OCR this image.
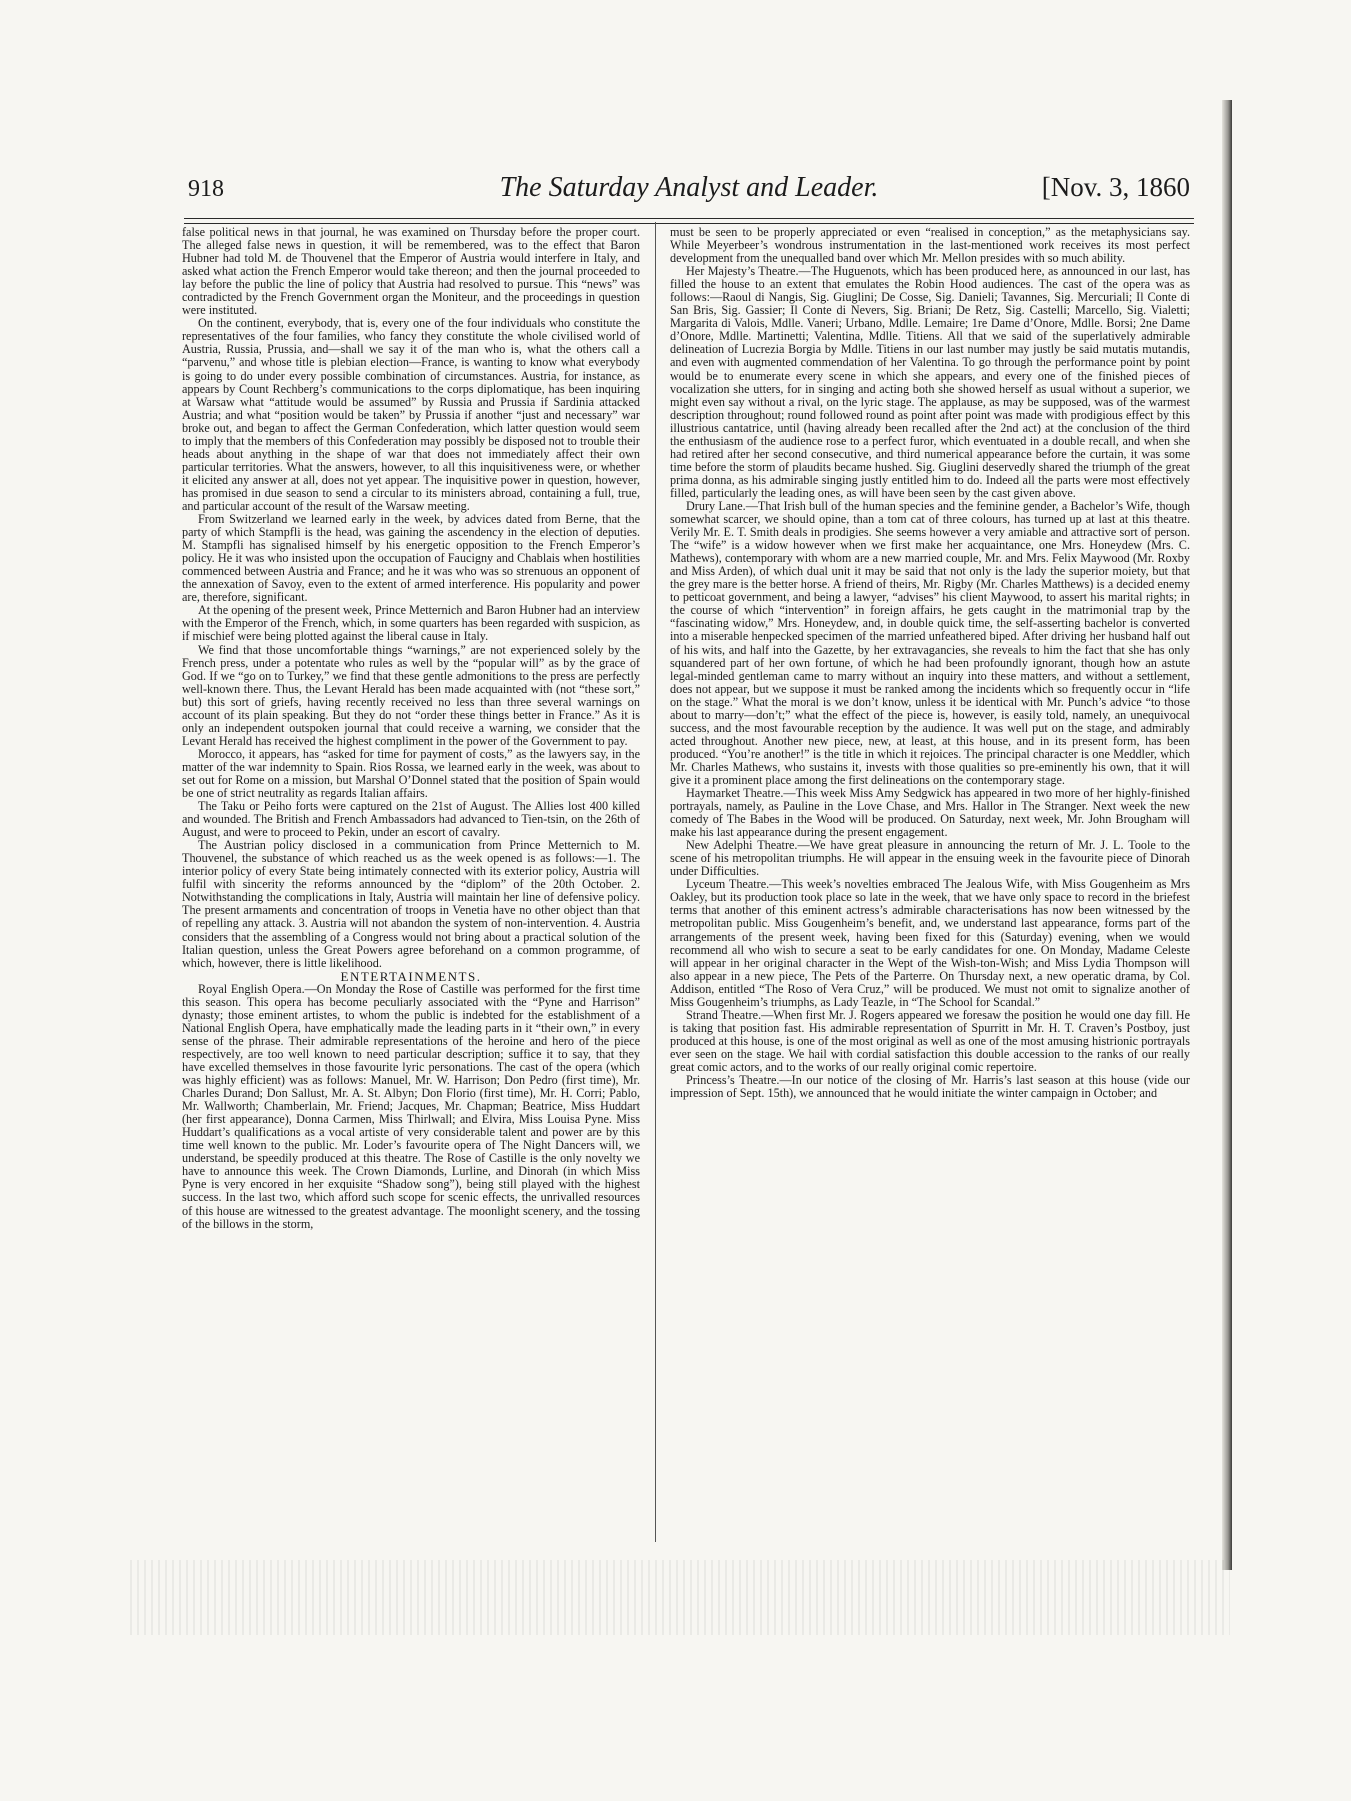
918	The Saturday Analyst and Leader.	[Nov. 3, 1860

false political news in that journal, he was examined on Thursday before the proper court. The alleged false news in question, it will be remembered, was to the effect that Baron Hubner had told M. de Thouvenel that the Emperor of Austria would interfere in Italy, and asked what action the French Emperor would take thereon; and then the journal proceeded to lay before the public the line of policy that Austria had resolved to pursue. This “news” was contradicted by the French Government organ the Moniteur, and the proceedings in question were instituted.

On the continent, everybody, that is, every one of the four individuals who constitute the representatives of the four families, who fancy they constitute the whole civilised world of Austria, Russia, Prussia, and—shall we say it of the man who is, what the others call a “parvenu,” and whose title is plebian election—France, is wanting to know what everybody is going to do under every possible combination of circumstances. Austria, for instance, as appears by Count Rechberg’s communications to the corps diplomatique, has been inquiring at Warsaw what “attitude would be assumed” by Russia and Prussia if Sardinia attacked Austria; and what “position would be taken” by Prussia if another “just and necessary” war broke out, and began to affect the German Confederation, which latter question would seem to imply that the members of this Confederation may possibly be disposed not to trouble their heads about anything in the shape of war that does not immediately affect their own particular territories. What the answers, however, to all this inquisitiveness were, or whether it elicited any answer at all, does not yet appear. The inquisitive power in question, however, has promised in due season to send a circular to its ministers abroad, containing a full, true, and particular account of the result of the Warsaw meeting.

From Switzerland we learned early in the week, by advices dated from Berne, that the party of which Stampfli is the head, was gaining the ascendency in the election of deputies. M. Stampfli has signalised himself by his energetic opposition to the French Emperor’s policy. He it was who insisted upon the occupation of Faucigny and Chablais when hostilities commenced between Austria and France; and he it was who was so strenuous an opponent of the annexation of Savoy, even to the extent of armed interference. His popularity and power are, therefore, significant.

At the opening of the present week, Prince Metternich and Baron Hubner had an interview with the Emperor of the French, which, in some quarters has been regarded with suspicion, as if mischief were being plotted against the liberal cause in Italy.

We find that those uncomfortable things “warnings,” are not experienced solely by the French press, under a potentate who rules as well by the “popular will” as by the grace of God. If we “go on to Turkey,” we find that these gentle admonitions to the press are perfectly well-known there. Thus, the Levant Herald has been made acquainted with (not “these sort,” but) this sort of griefs, having recently received no less than three several warnings on account of its plain speaking. But they do not “order these things better in France.” As it is only an independent outspoken journal that could receive a warning, we consider that the Levant Herald has received the highest compliment in the power of the Government to pay.

Morocco, it appears, has “asked for time for payment of costs,” as the lawyers say, in the matter of the war indemnity to Spain. Rios Rossa, we learned early in the week, was about to set out for Rome on a mission, but Marshal O’Donnel stated that the position of Spain would be one of strict neutrality as regards Italian affairs.

The Taku or Peiho forts were captured on the 21st of August. The Allies lost 400 killed and wounded. The British and French Ambassadors had advanced to Tien-tsin, on the 26th of August, and were to proceed to Pekin, under an escort of cavalry.

The Austrian policy disclosed in a communication from Prince Metternich to M. Thouvenel, the substance of which reached us as the week opened is as follows:—1. The interior policy of every State being intimately connected with its exterior policy, Austria will fulfil with sincerity the reforms announced by the “diplom” of the 20th October. 2. Notwithstanding the complications in Italy, Austria will maintain her line of defensive policy. The present armaments and concentration of troops in Venetia have no other object than that of repelling any attack. 3. Austria will not abandon the system of non-intervention. 4. Austria considers that the assembling of a Congress would not bring about a practical solution of the Italian question, unless the Great Powers agree beforehand on a common programme, of which, however, there is little likelihood.

ENTERTAINMENTS.

Royal English Opera.—On Monday the Rose of Castille was performed for the first time this season. This opera has become peculiarly associated with the “Pyne and Harrison” dynasty; those eminent artistes, to whom the public is indebted for the establishment of a National English Opera, have emphatically made the leading parts in it “their own,” in every sense of the phrase. Their admirable representations of the heroine and hero of the piece respectively, are too well known to need particular description; suffice it to say, that they have excelled themselves in those favourite lyric personations. The cast of the opera (which was highly efficient) was as follows: Manuel, Mr. W. Harrison; Don Pedro (first time), Mr. Charles Durand; Don Sallust, Mr. A. St. Albyn; Don Florio (first time), Mr. H. Corri; Pablo, Mr. Wallworth; Chamberlain, Mr. Friend; Jacques, Mr. Chapman; Beatrice, Miss Huddart (her first appearance), Donna Carmen, Miss Thirlwall; and Elvira, Miss Louisa Pyne. Miss Huddart’s qualifications as a vocal artiste of very considerable talent and power are by this time well known to the public. Mr. Loder’s favourite opera of The Night Dancers will, we understand, be speedily produced at this theatre. The Rose of Castille is the only novelty we have to announce this week. The Crown Diamonds, Lurline, and Dinorah (in which Miss Pyne is very encored in her exquisite “Shadow song”), being still played with the highest success. In the last two, which afford such scope for scenic effects, the unrivalled resources of this house are witnessed to the greatest advantage. The moonlight scenery, and the tossing of the billows in the storm,

must be seen to be properly appreciated or even “realised in conception,” as the metaphysicians say. While Meyerbeer’s wondrous instrumentation in the last-mentioned work receives its most perfect development from the unequalled band over which Mr. Mellon presides with so much ability.

Her Majesty’s Theatre.—The Huguenots, which has been produced here, as announced in our last, has filled the house to an extent that emulates the Robin Hood audiences. The cast of the opera was as follows:—Raoul di Nangis, Sig. Giuglini; De Cosse, Sig. Danieli; Tavannes, Sig. Mercuriali; Il Conte di San Bris, Sig. Gassier; Il Conte di Nevers, Sig. Briani; De Retz, Sig. Castelli; Marcello, Sig. Vialetti; Margarita di Valois, Mdlle. Vaneri; Urbano, Mdlle. Lemaire; 1re Dame d’Onore, Mdlle. Borsi; 2ne Dame d’Onore, Mdlle. Martinetti; Valentina, Mdlle. Titiens. All that we said of the superlatively admirable delineation of Lucrezia Borgia by Mdlle. Titiens in our last number may justly be said mutatis mutandis, and even with augmented commendation of her Valentina. To go through the performance point by point would be to enumerate every scene in which she appears, and every one of the finished pieces of vocalization she utters, for in singing and acting both she showed herself as usual without a superior, we might even say without a rival, on the lyric stage. The applause, as may be supposed, was of the warmest description throughout; round followed round as point after point was made with prodigious effect by this illustrious cantatrice, until (having already been recalled after the 2nd act) at the conclusion of the third the enthusiasm of the audience rose to a perfect furor, which eventuated in a double recall, and when she had retired after her second consecutive, and third numerical appearance before the curtain, it was some time before the storm of plaudits became hushed. Sig. Giuglini deservedly shared the triumph of the great prima donna, as his admirable singing justly entitled him to do. Indeed all the parts were most effectively filled, particularly the leading ones, as will have been seen by the cast given above.

Drury Lane.—That Irish bull of the human species and the feminine gender, a Bachelor’s Wife, though somewhat scarcer, we should opine, than a tom cat of three colours, has turned up at last at this theatre. Verily Mr. E. T. Smith deals in prodigies. She seems however a very amiable and attractive sort of person. The “wife” is a widow however when we first make her acquaintance, one Mrs. Honeydew (Mrs. C. Mathews), contemporary with whom are a new married couple, Mr. and Mrs. Felix Maywood (Mr. Roxby and Miss Arden), of which dual unit it may be said that not only is the lady the superior moiety, but that the grey mare is the better horse. A friend of theirs, Mr. Rigby (Mr. Charles Matthews) is a decided enemy to petticoat government, and being a lawyer, “advises” his client Maywood, to assert his marital rights; in the course of which “intervention” in foreign affairs, he gets caught in the matrimonial trap by the “fascinating widow,” Mrs. Honeydew, and, in double quick time, the self-asserting bachelor is converted into a miserable henpecked specimen of the married unfeathered biped. After driving her husband half out of his wits, and half into the Gazette, by her extravagancies, she reveals to him the fact that she has only squandered part of her own fortune, of which he had been profoundly ignorant, though how an astute legal-minded gentleman came to marry without an inquiry into these matters, and without a settlement, does not appear, but we suppose it must be ranked among the incidents which so frequently occur in “life on the stage.” What the moral is we don’t know, unless it be identical with Mr. Punch’s advice “to those about to marry—don’t;” what the effect of the piece is, however, is easily told, namely, an unequivocal success, and the most favourable reception by the audience. It was well put on the stage, and admirably acted throughout. Another new piece, new, at least, at this house, and in its present form, has been produced. “You’re another!” is the title in which it rejoices. The principal character is one Meddler, which Mr. Charles Mathews, who sustains it, invests with those qualities so pre-eminently his own, that it will give it a prominent place among the first delineations on the contemporary stage.

Haymarket Theatre.—This week Miss Amy Sedgwick has appeared in two more of her highly-finished portrayals, namely, as Pauline in the Love Chase, and Mrs. Hallor in The Stranger. Next week the new comedy of The Babes in the Wood will be produced. On Saturday, next week, Mr. John Brougham will make his last appearance during the present engagement.

New Adelphi Theatre.—We have great pleasure in announcing the return of Mr. J. L. Toole to the scene of his metropolitan triumphs. He will appear in the ensuing week in the favourite piece of Dinorah under Difficulties.

Lyceum Theatre.—This week’s novelties embraced The Jealous Wife, with Miss Gougenheim as Mrs Oakley, but its production took place so late in the week, that we have only space to record in the briefest terms that another of this eminent actress’s admirable characterisations has now been witnessed by the metropolitan public. Miss Gougenheim’s benefit, and, we understand last appearance, forms part of the arrangements of the present week, having been fixed for this (Saturday) evening, when we would recommend all who wish to secure a seat to be early candidates for one. On Monday, Madame Celeste will appear in her original character in the Wept of the Wish-ton-Wish; and Miss Lydia Thompson will also appear in a new piece, The Pets of the Parterre. On Thursday next, a new operatic drama, by Col. Addison, entitled “The Roso of Vera Cruz,” will be produced. We must not omit to signalize another of Miss Gougenheim’s triumphs, as Lady Teazle, in “The School for Scandal.”

Strand Theatre.—When first Mr. J. Rogers appeared we foresaw the position he would one day fill. He is taking that position fast. His admirable representation of Spurritt in Mr. H. T. Craven’s Postboy, just produced at this house, is one of the most original as well as one of the most amusing histrionic portrayals ever seen on the stage. We hail with cordial satisfaction this double accession to the ranks of our really great comic actors, and to the works of our really original comic repertoire.

Princess’s Theatre.—In our notice of the closing of Mr. Harris’s last season at this house (vide our impression of Sept. 15th), we announced that he would initiate the winter campaign in October; and
